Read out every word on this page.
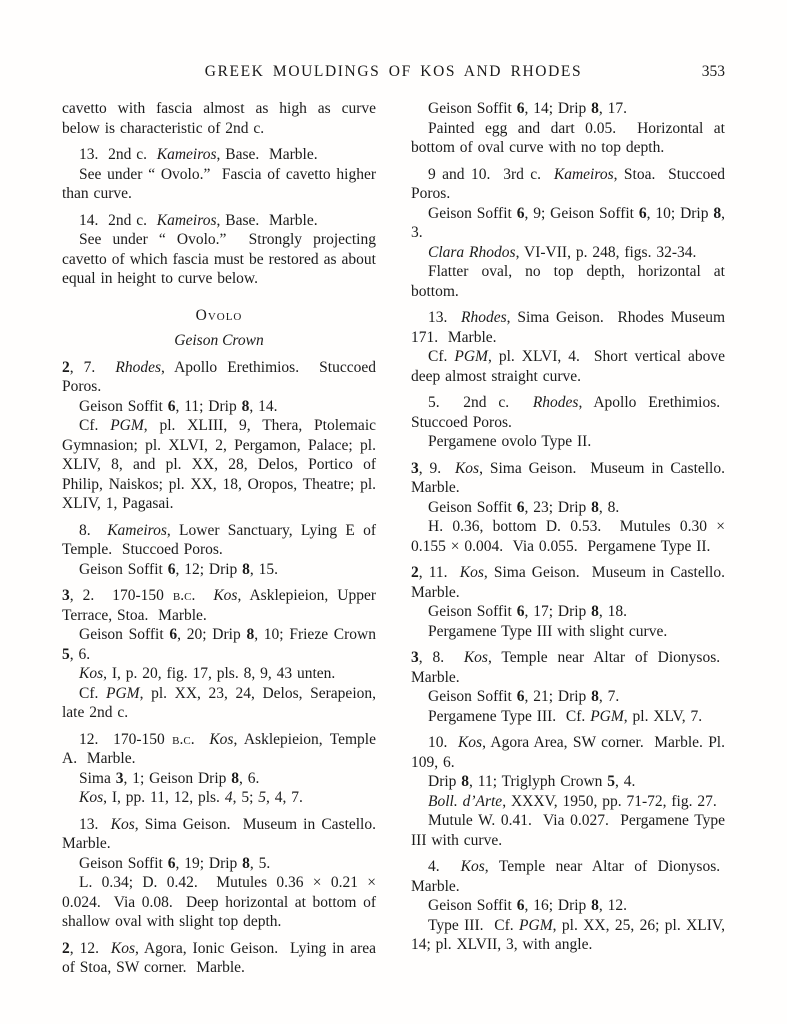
GREEK MOULDINGS OF KOS AND RHODES	353

cavetto with fascia almost as high as curve below is characteristic of 2nd c.

13.  2nd c.  Kameiros, Base.  Marble.

See under “ Ovolo.”  Fascia of cavetto higher than curve.

14.  2nd c.  Kameiros, Base.  Marble.

See under “ Ovolo.”  Strongly projecting cavetto of which fascia must be restored as about equal in height to curve below.

Ovolo
Geison Crown

2, 7.  Rhodes, Apollo Erethimios.  Stuccoed Poros.

Geison Soffit 6, 11; Drip 8, 14.

Cf. PGM, pl. XLIII, 9, Thera, Ptolemaic Gymnasion; pl. XLVI, 2, Pergamon, Palace; pl. XLIV, 8, and pl. XX, 28, Delos, Portico of Philip, Naiskos; pl. XX, 18, Oropos, Theatre; pl. XLIV, 1, Pagasai.

8.  Kameiros, Lower Sanctuary, Lying E of Temple.  Stuccoed Poros.

Geison Soffit 6, 12; Drip 8, 15.

3, 2.  170-150 b.c. Kos, Asklepieion, Upper Terrace, Stoa.  Marble.

Geison Soffit 6, 20; Drip 8, 10; Frieze Crown 5, 6.

Kos, I, p. 20, fig. 17, pls. 8, 9, 43 unten.

Cf. PGM, pl. XX, 23, 24, Delos, Serapeion, late 2nd c.

12.  170-150 b.c. Kos, Asklepieion, Temple A.  Marble.

Sima 3, 1; Geison Drip 8, 6.

Kos, I, pp. 11, 12, pls. 4, 5; 5, 4, 7.

13.  Kos, Sima Geison.  Museum in Castello. Marble.

Geison Soffit 6, 19; Drip 8, 5.

L. 0.34; D. 0.42.  Mutules 0.36 × 0.21 × 0.024.  Via 0.08.  Deep horizontal at bottom of shallow oval with slight top depth.

2, 12.  Kos, Agora, Ionic Geison.  Lying in area of Stoa, SW corner.  Marble.

Geison Soffit 6, 14; Drip 8, 17.

Painted egg and dart 0.05.  Horizontal at bottom of oval curve with no top depth.

9 and 10.  3rd c.  Kameiros, Stoa.  Stuccoed Poros.

Geison Soffit 6, 9; Geison Soffit 6, 10; Drip 8, 3.

Clara Rhodos, VI-VII, p. 248, figs. 32-34.

Flatter oval, no top depth, horizontal at bottom.

13.  Rhodes, Sima Geison.  Rhodes Museum 171.  Marble.

Cf. PGM, pl. XLVI, 4.  Short vertical above deep almost straight curve.

5.  2nd c.  Rhodes, Apollo Erethimios.  Stuccoed Poros.

Pergamene ovolo Type II.

3, 9.  Kos, Sima Geison.  Museum in Castello. Marble.

Geison Soffit 6, 23; Drip 8, 8.

H. 0.36, bottom D. 0.53.  Mutules 0.30 × 0.155 × 0.004.  Via 0.055.  Pergamene Type II.

2, 11.  Kos, Sima Geison.  Museum in Castello. Marble.

Geison Soffit 6, 17; Drip 8, 18.

Pergamene Type III with slight curve.

3, 8.  Kos, Temple near Altar of Dionysos.  Marble.

Geison Soffit 6, 21; Drip 8, 7.

Pergamene Type III.  Cf. PGM, pl. XLV, 7.

10.  Kos, Agora Area, SW corner.  Marble. Pl. 109, 6.

Drip 8, 11; Triglyph Crown 5, 4.

Boll. d’Arte, XXXV, 1950, pp. 71-72, fig. 27.

Mutule W. 0.41.  Via 0.027.  Pergamene Type III with curve.

4.  Kos, Temple near Altar of Dionysos.  Marble.

Geison Soffit 6, 16; Drip 8, 12.

Type III.  Cf. PGM, pl. XX, 25, 26; pl. XLIV, 14; pl. XLVII, 3, with angle.
